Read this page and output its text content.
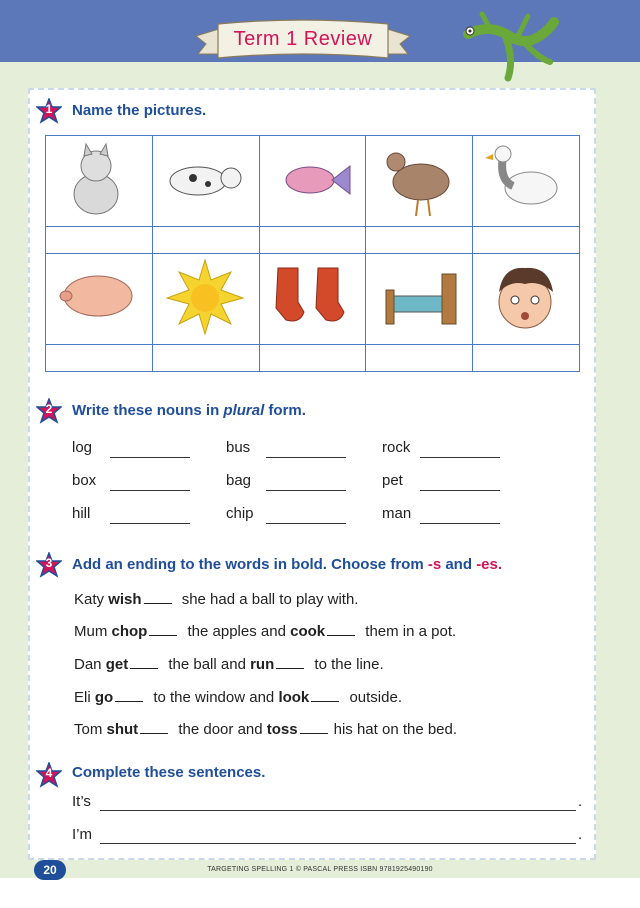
Term 1 Review
1	Name the pictures.

2	Write these nouns in plural form.
log	bus	rock
box	bag	pet
hill	chip	man
3	Add an ending to the words in bold. Choose from -s and -es.
Katy wish she had a ball to play with.
Mum chop the apples and cook them in a pot.
Dan get the ball and run to the line.
Eli go to the window and look outside.
Tom shut the door and toss his hat on the bed.
4	Complete these sentences.
It’s	.
I’m	.
20	TARGETING SPELLING 1 © PASCAL PRESS ISBN 9781925490190
